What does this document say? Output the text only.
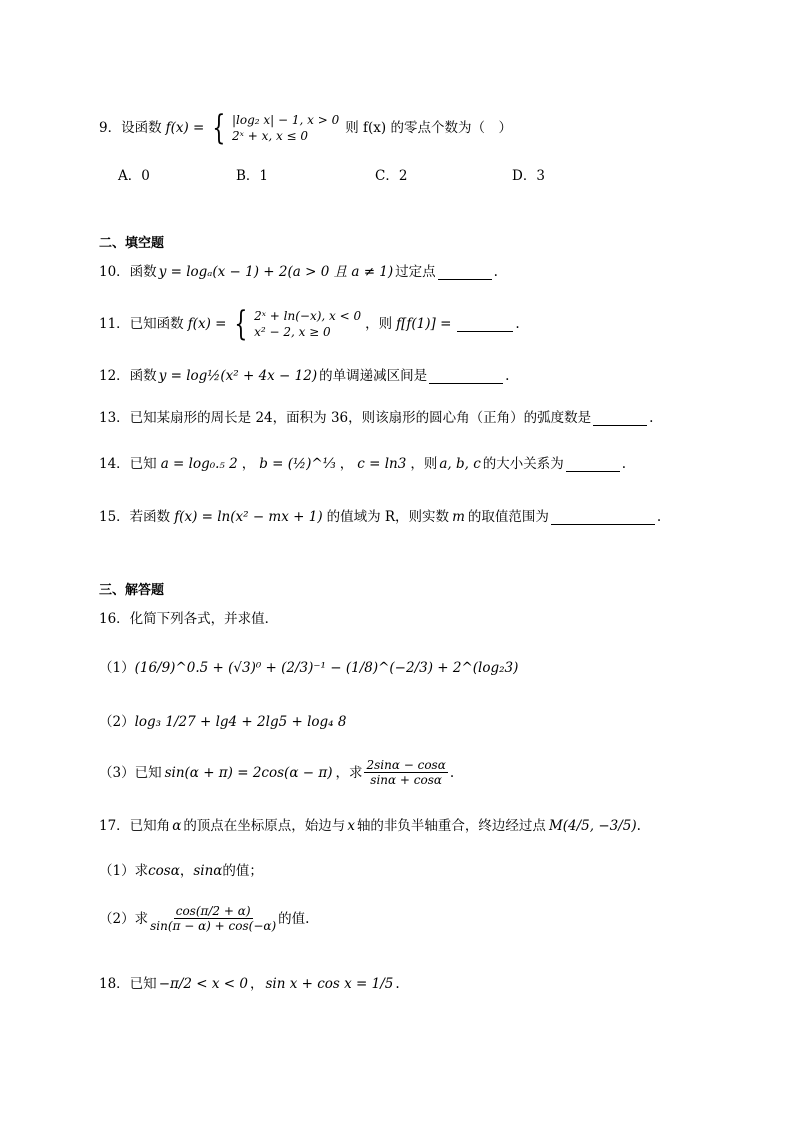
9．设函数 f(x) = { |log₂ x| − 1, x > 0
2ˣ + x, x ≤ 0	则 f(x) 的零点个数为（　）
A．0	B．1	C．2	D．3
二、填空题
10．函数 y = logₐ(x − 1) + 2(a > 0 且 a ≠ 1) 过定点	.
11．已知函数 f(x) = { 2ˣ + ln(−x), x < 0
x² − 2, x ≥ 0	，则 f[f(1)] =	.
12．函数 y = log½(x² + 4x − 12) 的单调递减区间是	.
13．已知某扇形的周长是 24，面积为 36，则该扇形的圆心角（正角）的弧度数是	.
14．已知 a = log₀.₅ 2 ， b = (½)^⅓ ， c = ln3 ，则 a, b, c 的大小关系为	.
15．若函数 f(x) = ln(x² − mx + 1) 的值域为 R，则实数 m 的取值范围为	.
三、解答题
16．化简下列各式，并求值．
（1） (16/9)^0.5 + (√3)⁰ + (2/3)⁻¹ − (1/8)^(−2/3) + 2^(log₂3)
（2） log₃ 1/27 + lg4 + 2lg5 + log₄ 8
（3）已知 sin(α + π) = 2cos(α − π) ，求 $\frac{2\sin\alpha - \cos\alpha}{\sin\alpha + \cos\alpha}$ .
17．已知角 α 的顶点在坐标原点，始边与 x 轴的非负半轴重合，终边经过点 M(4/5, −3/5) .
（1）求 cosα ， sinα 的值；
（2）求 $\frac{\cos(\pi/2 + \alpha)}{\sin(\pi - \alpha) + \cos(-\alpha)}$ 的值.
18．已知 −π/2 < x < 0 ， sin x + cos x = 1/5 .
